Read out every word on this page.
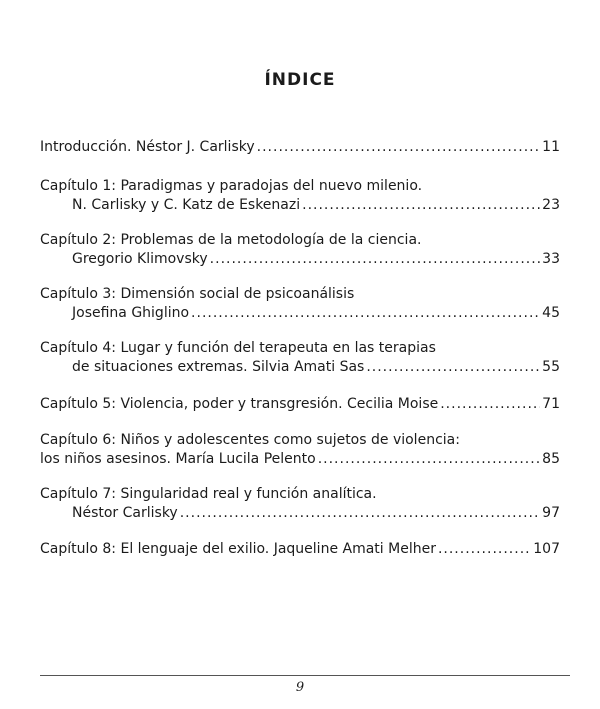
ÍNDICE
Introducción. Néstor J. Carlisky .....	11
Capítulo 1: Paradigmas y paradojas del nuevo milenio.
N. Carlisky y C. Katz de Eskenazi .....	23
Capítulo 2: Problemas de la metodología de la ciencia.
Gregorio Klimovsky .....	33
Capítulo 3: Dimensión social de psicoanálisis
Josefina Ghiglino .....	45
Capítulo 4: Lugar y función del terapeuta en las terapias
de situaciones extremas. Silvia Amati Sas .....	55
Capítulo 5: Violencia, poder y transgresión. Cecilia Moise .....	71
Capítulo 6: Niños y adolescentes como sujetos de violencia:
los niños asesinos. María Lucila Pelento .....	85
Capítulo 7: Singularidad real y función analítica.
Néstor Carlisky .....	97
Capítulo 8: El lenguaje del exilio. Jaqueline Amati Melher .....	107
9
